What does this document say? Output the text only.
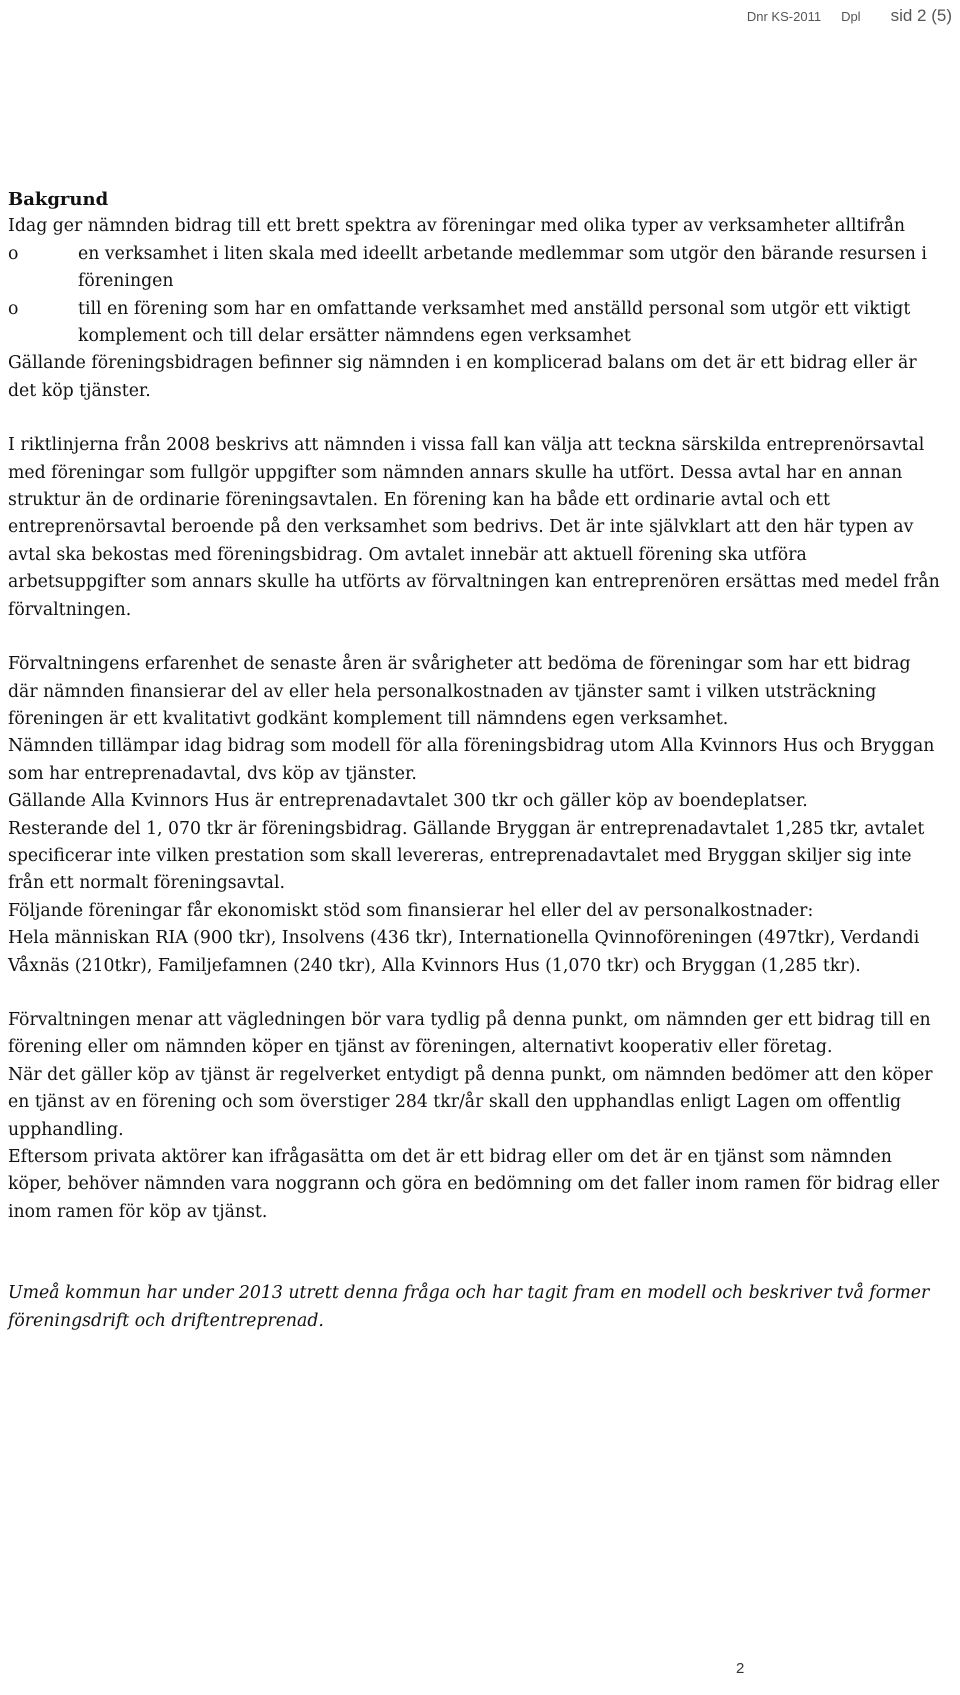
Dnr KS-2011 Dpl sid 2 (5)
Bakgrund

Idag ger nämnden bidrag till ett brett spektra av föreningar med olika typer av verksamheter alltifrån

o	en verksamhet i liten skala med ideellt arbetande medlemmar som utgör den bärande resursen i föreningen
o	till en förening som har en omfattande verksamhet med anställd personal som utgör ett viktigt komplement och till delar ersätter nämndens egen verksamhet

Gällande föreningsbidragen befinner sig nämnden i en komplicerad balans om det är ett bidrag eller är det köp tjänster.

I riktlinjerna från 2008 beskrivs att nämnden i vissa fall kan välja att teckna särskilda entreprenörsavtal med föreningar som fullgör uppgifter som nämnden annars skulle ha utfört. Dessa avtal har en annan struktur än de ordinarie föreningsavtalen. En förening kan ha både ett ordinarie avtal och ett entreprenörsavtal beroende på den verksamhet som bedrivs. Det är inte självklart att den här typen av avtal ska bekostas med föreningsbidrag. Om avtalet innebär att aktuell förening ska utföra arbetsuppgifter som annars skulle ha utförts av förvaltningen kan entreprenören ersättas med medel från förvaltningen.

Förvaltningens erfarenhet de senaste åren är svårigheter att bedöma de föreningar som har ett bidrag där nämnden finansierar del av eller hela personalkostnaden av tjänster samt i vilken utsträckning föreningen är ett kvalitativt godkänt komplement till nämndens egen verksamhet.

Nämnden tillämpar idag bidrag som modell för alla föreningsbidrag utom Alla Kvinnors Hus och Bryggan som har entreprenadavtal, dvs köp av tjänster.

Gällande Alla Kvinnors Hus är entreprenadavtalet 300 tkr och gäller köp av boendeplatser.

Resterande del 1, 070 tkr är föreningsbidrag. Gällande Bryggan är entreprenadavtalet 1,285 tkr, avtalet specificerar inte vilken prestation som skall levereras, entreprenadavtalet med Bryggan skiljer sig inte från ett normalt föreningsavtal.

Följande föreningar får ekonomiskt stöd som finansierar hel eller del av personalkostnader:

Hela människan RIA (900 tkr), Insolvens (436 tkr), Internationella Qvinnoföreningen (497tkr), Verdandi Våxnäs (210tkr), Familjefamnen (240 tkr), Alla Kvinnors Hus (1,070 tkr) och Bryggan (1,285 tkr).

Förvaltningen menar att vägledningen bör vara tydlig på denna punkt, om nämnden ger ett bidrag till en förening eller om nämnden köper en tjänst av föreningen, alternativt kooperativ eller företag.

När det gäller köp av tjänst är regelverket entydigt på denna punkt, om nämnden bedömer att den köper en tjänst av en förening och som överstiger 284 tkr/år skall den upphandlas enligt Lagen om offentlig upphandling.

Eftersom privata aktörer kan ifrågasätta om det är ett bidrag eller om det är en tjänst som nämnden köper, behöver nämnden vara noggrann och göra en bedömning om det faller inom ramen för bidrag eller inom ramen för köp av tjänst.

Umeå kommun har under 2013 utrett denna fråga och har tagit fram en modell och beskriver två former föreningsdrift och driftentreprenad.

2
